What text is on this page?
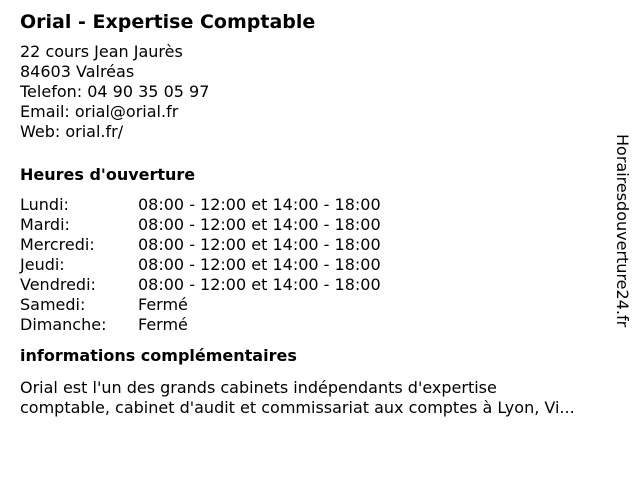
Orial - Expertise Comptable
22 cours Jean Jaurès
84603 Valréas
Telefon: 04 90 35 05 97
Email: orial@orial.fr
Web: orial.fr/
Heures d'ouverture
Lundi:	08:00 - 12:00 et 14:00 - 18:00
Mardi:	08:00 - 12:00 et 14:00 - 18:00
Mercredi:	08:00 - 12:00 et 14:00 - 18:00
Jeudi:	08:00 - 12:00 et 14:00 - 18:00
Vendredi:	08:00 - 12:00 et 14:00 - 18:00
Samedi:	Fermé
Dimanche:	Fermé
informations complémentaires
Orial est l'un des grands cabinets indépendants d'expertise
comptable, cabinet d'audit et commissariat aux comptes à Lyon, Vi...
Horairesdouverture24.fr
